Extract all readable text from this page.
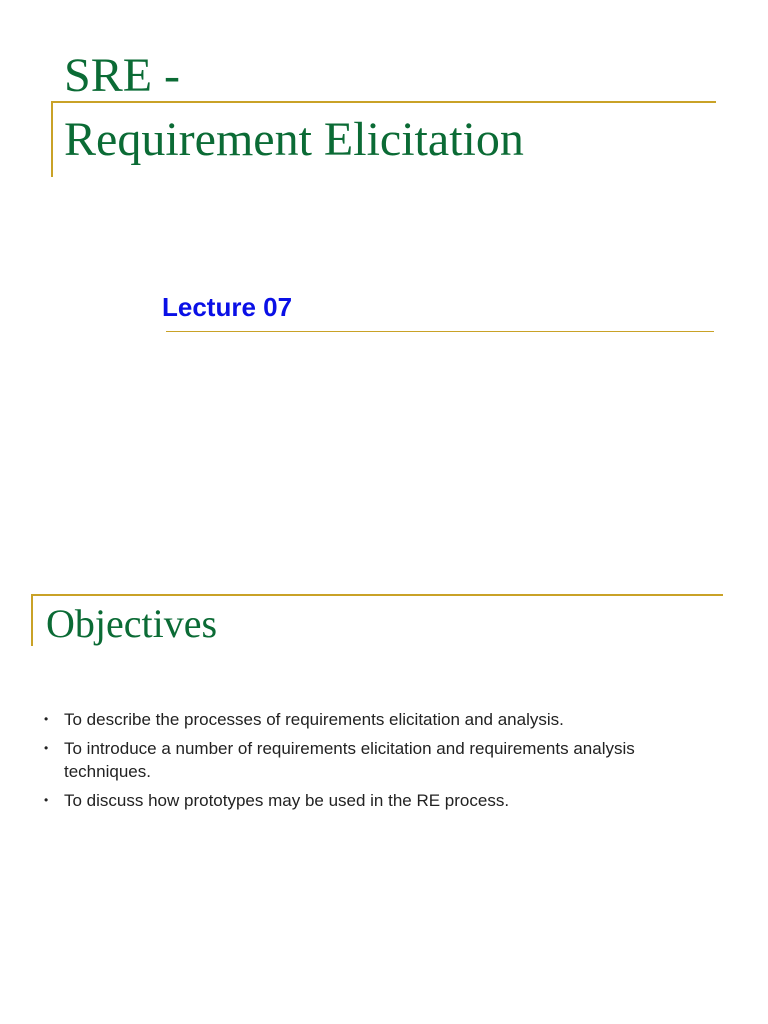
SRE -
Requirement Elicitation
Lecture 07
Objectives
• To describe the processes of requirements elicitation and analysis.
• To introduce a number of requirements elicitation and requirements analysis techniques.
• To discuss how prototypes may be used in the RE process.
